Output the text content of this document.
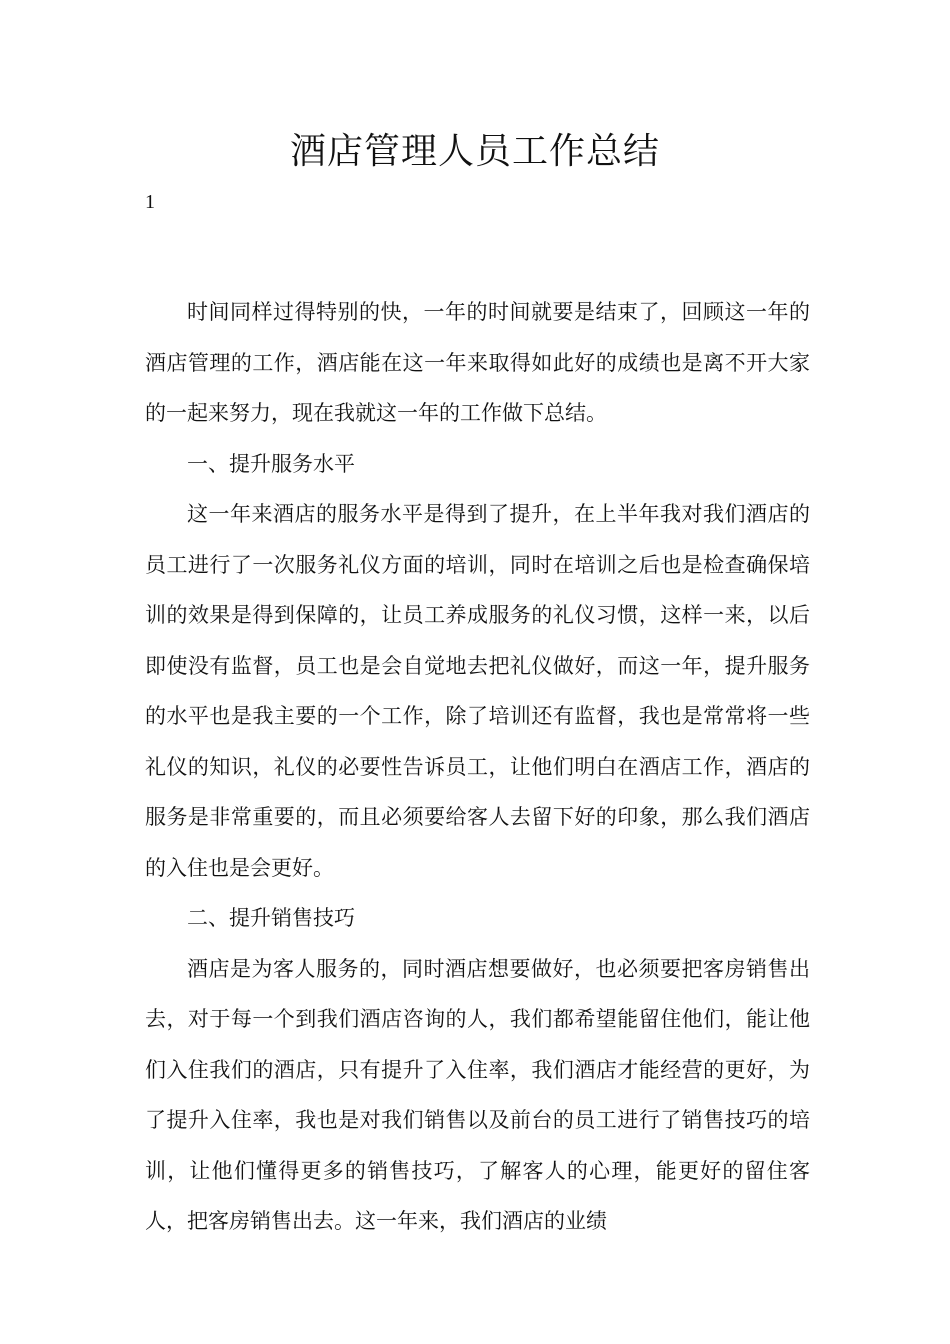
酒店管理人员工作总结
1

时间同样过得特别的快，一年的时间就要是结束了，回顾这一年的酒店管理的工作，酒店能在这一年来取得如此好的成绩也是离不开大家的一起来努力，现在我就这一年的工作做下总结。

一、提升服务水平

这一年来酒店的服务水平是得到了提升，在上半年我对我们酒店的员工进行了一次服务礼仪方面的培训，同时在培训之后也是检查确保培训的效果是得到保障的，让员工养成服务的礼仪习惯，这样一来，以后即使没有监督，员工也是会自觉地去把礼仪做好，而这一年，提升服务的水平也是我主要的一个工作，除了培训还有监督，我也是常常将一些礼仪的知识，礼仪的必要性告诉员工，让他们明白在酒店工作，酒店的服务是非常重要的，而且必须要给客人去留下好的印象，那么我们酒店的入住也是会更好。

二、提升销售技巧

酒店是为客人服务的，同时酒店想要做好，也必须要把客房销售出去，对于每一个到我们酒店咨询的人，我们都希望能留住他们，能让他们入住我们的酒店，只有提升了入住率，我们酒店才能经营的更好，为了提升入住率，我也是对我们销售以及前台的员工进行了销售技巧的培训，让他们懂得更多的销售技巧，了解客人的心理，能更好的留住客人，把客房销售出去。这一年来，我们酒店的业绩
